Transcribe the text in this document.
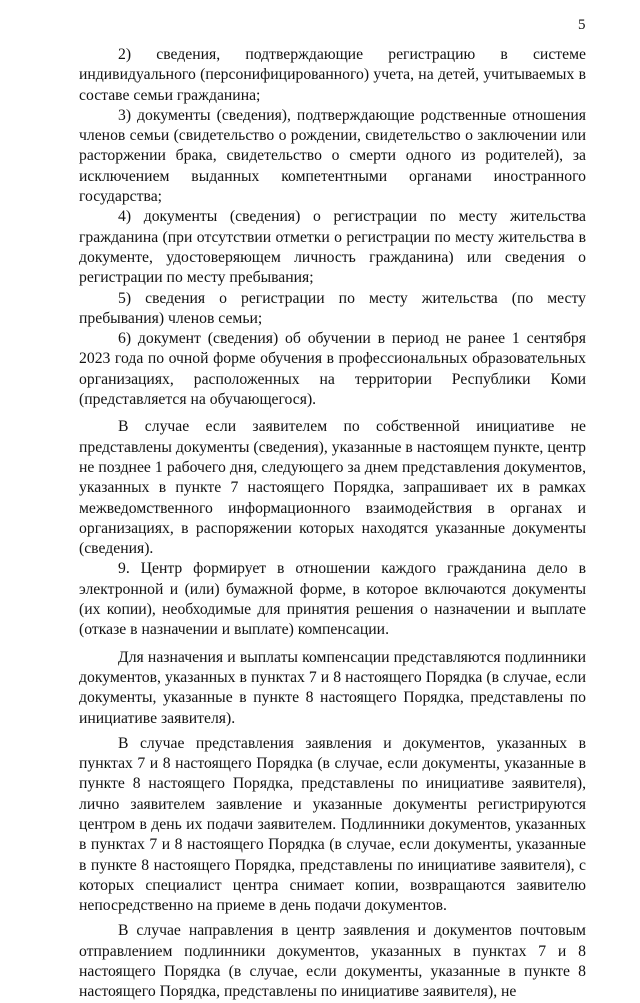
5

2) сведения, подтверждающие регистрацию в системе индивидуального (персонифицированного) учета, на детей, учитываемых в составе семьи гражданина;

3) документы (сведения), подтверждающие родственные отношения членов семьи (свидетельство о рождении, свидетельство о заключении или расторжении брака, свидетельство о смерти одного из родителей), за исключением выданных компетентными органами иностранного государства;

4) документы (сведения) о регистрации по месту жительства гражданина (при отсутствии отметки о регистрации по месту жительства в документе, удостоверяющем личность гражданина) или сведения о регистрации по месту пребывания;

5) сведения о регистрации по месту жительства (по месту пребывания) членов семьи;

6) документ (сведения) об обучении в период не ранее 1 сентября 2023 года по очной форме обучения в профессиональных образовательных организациях, расположенных на территории Республики Коми (представляется на обучающегося).

В случае если заявителем по собственной инициативе не представлены документы (сведения), указанные в настоящем пункте, центр не позднее 1 рабочего дня, следующего за днем представления документов, указанных в пункте 7 настоящего Порядка, запрашивает их в рамках межведомственного информационного взаимодействия в органах и организациях, в распоряжении которых находятся указанные документы (сведения).

9. Центр формирует в отношении каждого гражданина дело в электронной и (или) бумажной форме, в которое включаются документы (их копии), необходимые для принятия решения о назначении и выплате (отказе в назначении и выплате) компенсации.

Для назначения и выплаты компенсации представляются подлинники документов, указанных в пунктах 7 и 8 настоящего Порядка (в случае, если документы, указанные в пункте 8 настоящего Порядка, представлены по инициативе заявителя).

В случае представления заявления и документов, указанных в пунктах 7 и 8 настоящего Порядка (в случае, если документы, указанные в пункте 8 настоящего Порядка, представлены по инициативе заявителя), лично заявителем заявление и указанные документы регистрируются центром в день их подачи заявителем. Подлинники документов, указанных в пунктах 7 и 8 настоящего Порядка (в случае, если документы, указанные в пункте 8 настоящего Порядка, представлены по инициативе заявителя), с которых специалист центра снимает копии, возвращаются заявителю непосредственно на приеме в день подачи документов.

В случае направления в центр заявления и документов почтовым отправлением подлинники документов, указанных в пунктах 7 и 8 настоящего Порядка (в случае, если документы, указанные в пункте 8 настоящего Порядка, представлены по инициативе заявителя), не
